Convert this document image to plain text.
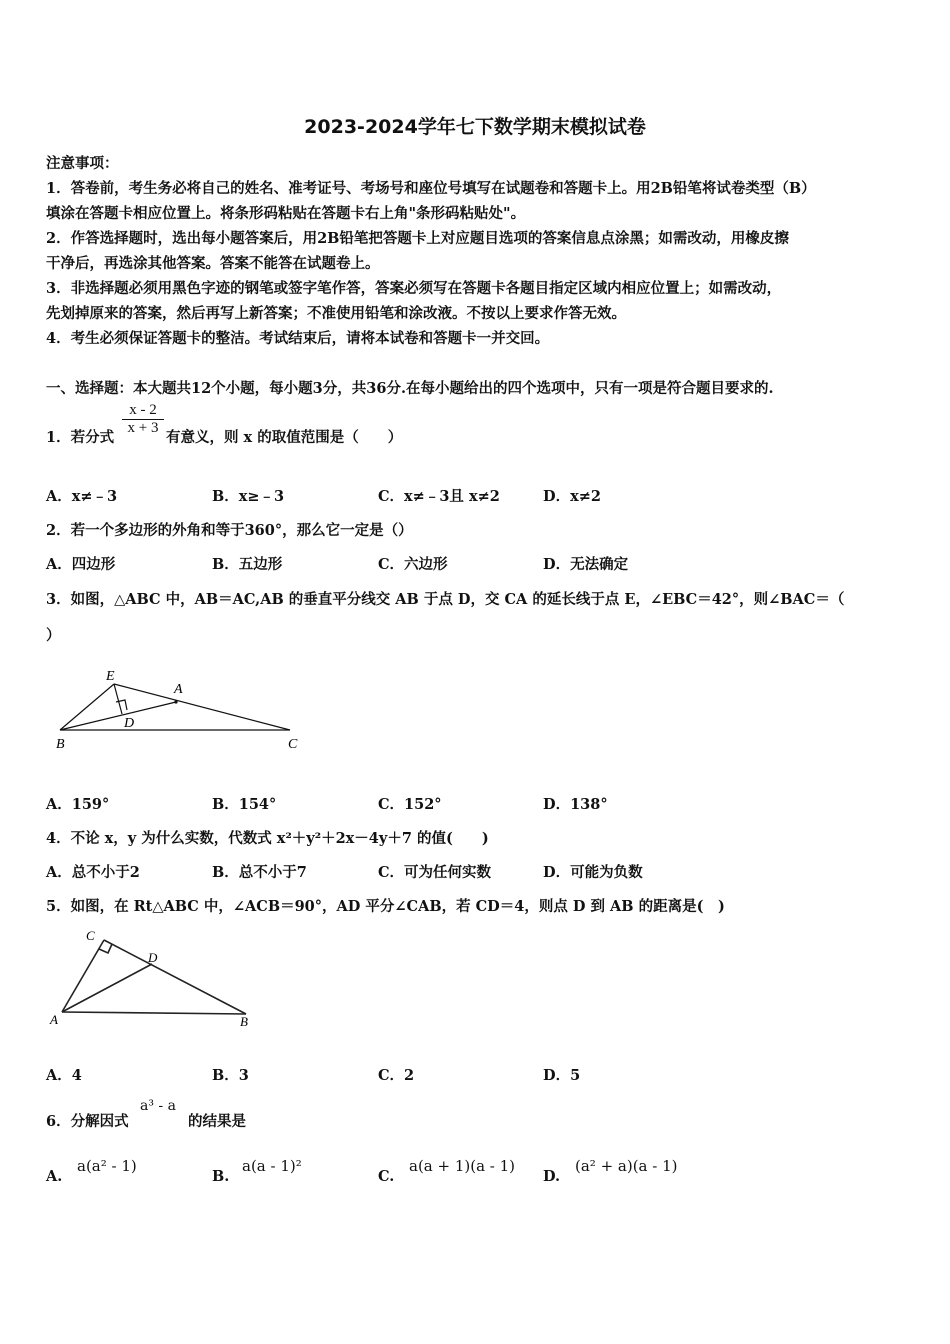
2023-2024学年七下数学期末模拟试卷
注意事项：
1．答卷前，考生务必将自己的姓名、准考证号、考场号和座位号填写在试题卷和答题卡上。用2B铅笔将试卷类型（B）
填涂在答题卡相应位置上。将条形码粘贴在答题卡右上角"条形码粘贴处"。
2．作答选择题时，选出每小题答案后，用2B铅笔把答题卡上对应题目选项的答案信息点涂黑；如需改动，用橡皮擦
干净后，再选涂其他答案。答案不能答在试题卷上。
3．非选择题必须用黑色字迹的钢笔或签字笔作答，答案必须写在答题卡各题目指定区域内相应位置上；如需改动，
先划掉原来的答案，然后再写上新答案；不准使用铅笔和涂改液。不按以上要求作答无效。
4．考生必须保证答题卡的整洁。考试结束后，请将本试卷和答题卡一并交回。
一、选择题：本大题共12个小题，每小题3分，共36分.在每小题给出的四个选项中，只有一项是符合题目要求的.
1．若分式
$\frac{x - 2}{x + 3}$
有意义，则 x 的取值范围是（　　）
A．x≠﹣3	B．x≥﹣3	C．x≠﹣3且 x≠2	D．x≠2
2．若一个多边形的外角和等于360°，那么它一定是（）
A．四边形	B．五边形	C．六边形	D．无法确定
3．如图，△ABC 中，AB＝AC,AB 的垂直平分线交 AB 于点 D，交 CA 的延长线于点 E，∠EBC＝42°，则∠BAC＝（
）
E
A
D
B	C
A．159°	B．154°	C．152°	D．138°
4．不论 x，y 为什么实数，代数式 x²＋y²＋2x－4y＋7 的值(　　)
A．总不小于2	B．总不小于7	C．可为任何实数	D．可能为负数
5．如图，在 Rt△ABC 中，∠ACB＝90°，AD 平分∠CAB，若 CD＝4，则点 D 到 AB 的距离是(　)
C
D
A	B
A．4	B．3	C．2	D．5
6．分解因式
a³ - a
的结果是
A.
a(a² - 1)
B.
a(a - 1)²
C.
a(a + 1)(a - 1)
D.
(a² + a)(a - 1)
